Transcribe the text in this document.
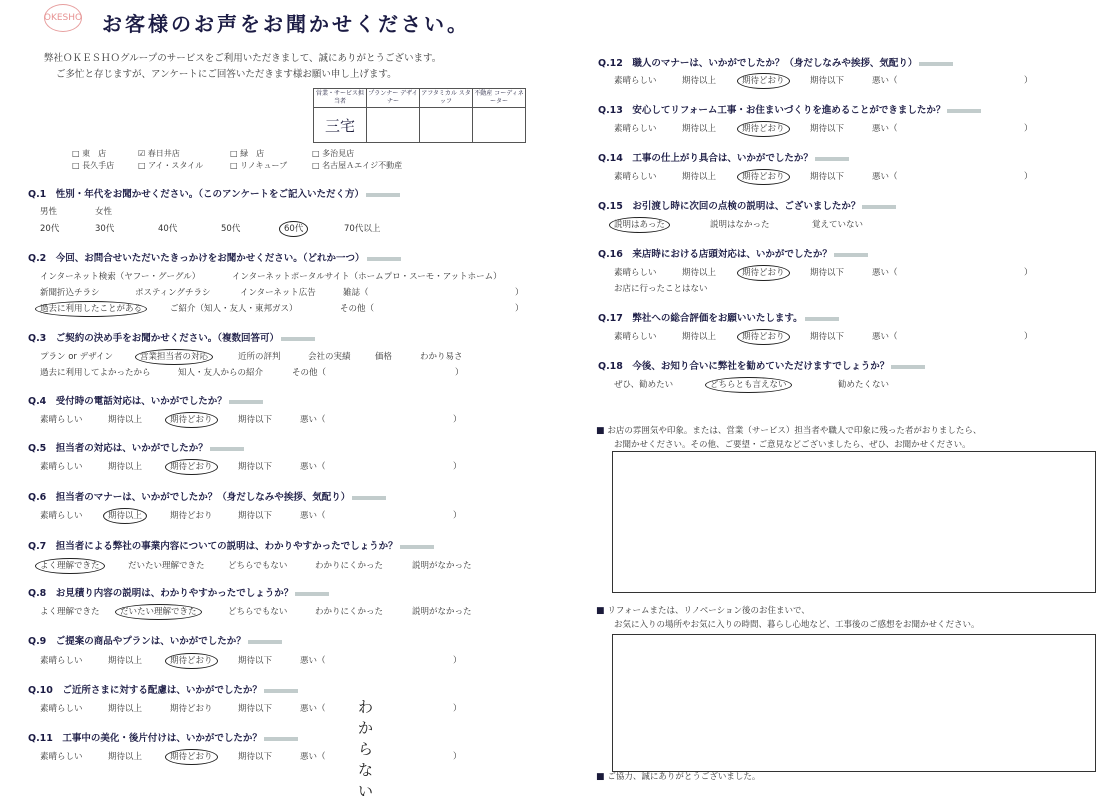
OKESHO お客様のお声をお聞かせください。
弊社ＯＫＥＳＨＯグループのサービスをご利用いただきまして、誠にありがとうございます。
ご多忙と存じますが、アンケートにご回答いただきます様お願い申し上げます。
営業・サービス担当者	プランナー デザイナー	アフタミカル スタッフ	不動産 コーディネーター
三宅			
□ 東　店	☑ 春日井店	□ 緑　店	□ 多治見店
□ 長久手店	□ アイ・スタイル	□ リノキューブ	□ 名古屋Ａエイジ不動産
Q.1　性別・年代をお聞かせください。（このアンケートをご記入いただく方）
男性	女性
20代	30代	40代	50代	60代	70代以上
Q.2　今回、お問合せいただいたきっかけをお聞かせください。（どれか一つ）
インターネット検索（ヤフー・グーグル）	インターネットポータルサイト（ホームプロ・スーモ・アットホーム）
新聞折込チラシ	ポスティングチラシ	インターネット広告	雑誌（	）
過去に利用したことがある	ご紹介（知人・友人・東邦ガス）	その他（	）
Q.3　ご契約の決め手をお聞かせください。（複数回答可）
プラン or デザイン	営業担当者の対応	近所の評判	会社の実績	価格	わかり易さ
過去に利用してよかったから	知人・友人からの紹介	その他（	）
Q.4　受付時の電話対応は、いかがでしたか？
素晴らしい	期待以上	期待どおり	期待以下	悪い（	）
Q.5　担当者の対応は、いかがでしたか？
素晴らしい	期待以上	期待どおり	期待以下	悪い（	）
Q.6　担当者のマナーは、いかがでしたか？（身だしなみや挨拶、気配り）
素晴らしい	期待以上	期待どおり	期待以下	悪い（	）
Q.7　担当者による弊社の事業内容についての説明は、わかりやすかったでしょうか？
よく理解できた	だいたい理解できた	どちらでもない	わかりにくかった	説明がなかった
Q.8　お見積り内容の説明は、わかりやすかったでしょうか？
よく理解できた だいたい理解できた	どちらでもない	わかりにくかった	説明がなかった
Q.9　ご提案の商品やプランは、いかがでしたか？
素晴らしい	期待以上	期待どおり	期待以下	悪い（	）
Q.10　ご近所さまに対する配慮は、いかがでしたか？
素晴らしい	期待以上	期待どおり	期待以下	悪い（ わからない
）
Q.11　工事中の美化・後片付けは、いかがでしたか？
素晴らしい	期待以上	期待どおり	期待以下	悪い（	）
Q.12　職人のマナーは、いかがでしたか？（身だしなみや挨拶、気配り）
素晴らしい	期待以上	期待どおり	期待以下	悪い（	）
Q.13　安心してリフォーム工事・お住まいづくりを進めることができましたか？
素晴らしい	期待以上	期待どおり	期待以下	悪い（	）
Q.14　工事の仕上がり具合は、いかがでしたか？
素晴らしい	期待以上	期待どおり	期待以下	悪い（	）
Q.15　お引渡し時に次回の点検の説明は、ございましたか？
説明はあった	説明はなかった	覚えていない
Q.16　来店時における店頭対応は、いかがでしたか？
素晴らしい	期待以上	期待どおり	期待以下	悪い（	）
お店に行ったことはない
Q.17　弊社への総合評価をお願いいたします。
素晴らしい	期待以上	期待どおり	期待以下	悪い（	）
Q.18　今後、お知り合いに弊社を勧めていただけますでしょうか？
ぜひ、勧めたい	どちらとも言えない	勧めたくない
■ お店の雰囲気や印象。または、営業（サービス）担当者や職人で印象に残った者がおりましたら、
お聞かせください。その他、ご要望・ご意見などございましたら、ぜひ、お聞かせください。
■ リフォームまたは、リノベーション後のお住まいで、
お気に入りの場所やお気に入りの時間、暮らし心地など、工事後のご感想をお聞かせください。
■ ご協力、誠にありがとうございました。
